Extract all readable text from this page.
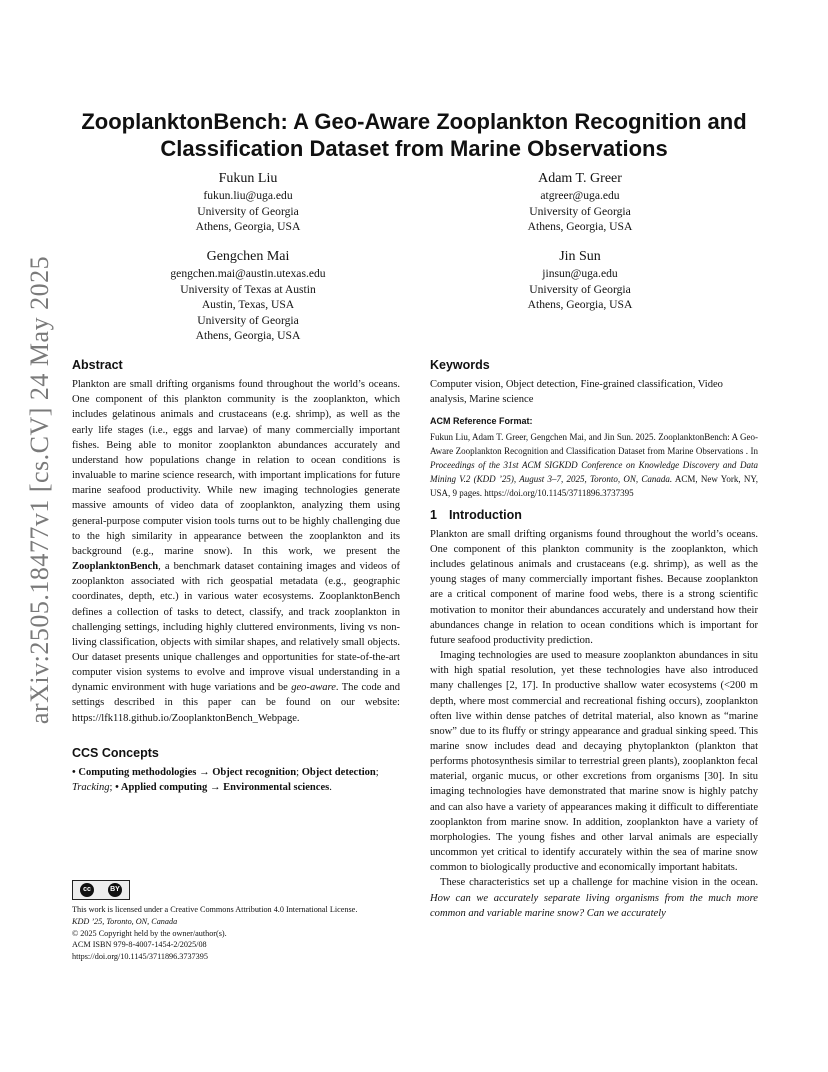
arXiv:2505.18477v1 [cs.CV] 24 May 2025
ZooplanktonBench: A Geo-Aware Zooplankton Recognition and
Classification Dataset from Marine Observations
Fukun Liu
fukun.liu@uga.edu
University of Georgia
Athens, Georgia, USA
Adam T. Greer
atgreer@uga.edu
University of Georgia
Athens, Georgia, USA
Gengchen Mai
gengchen.mai@austin.utexas.edu
University of Texas at Austin
Austin, Texas, USA
University of Georgia
Athens, Georgia, USA
Jin Sun
jinsun@uga.edu
University of Georgia
Athens, Georgia, USA
Abstract

Plankton are small drifting organisms found throughout the world’s oceans. One component of this plankton community is the zooplankton, which includes gelatinous animals and crustaceans (e.g. shrimp), as well as the early life stages (i.e., eggs and larvae) of many commercially important fishes. Being able to monitor zooplankton abundances accurately and understand how populations change in relation to ocean conditions is invaluable to marine science research, with important implications for future marine seafood productivity. While new imaging technologies generate massive amounts of video data of zooplankton, analyzing them using general-purpose computer vision tools turns out to be highly challenging due to the high similarity in appearance between the zooplankton and its background (e.g., marine snow). In this work, we present the ZooplanktonBench, a benchmark dataset containing images and videos of zooplankton associated with rich geospatial metadata (e.g., geographic coordinates, depth, etc.) in various water ecosystems. ZooplanktonBench defines a collection of tasks to detect, classify, and track zooplankton in challenging settings, including highly cluttered environments, living vs non-living classification, objects with similar shapes, and relatively small objects. Our dataset presents unique challenges and opportunities for state-of-the-art computer vision systems to evolve and improve visual understanding in a dynamic environment with huge variations and be geo-aware. The code and settings described in this paper can be found on our website: https://lfk118.github.io/ZooplanktonBench_Webpage.

CCS Concepts

• Computing methodologies → Object recognition; Object detection; Tracking; • Applied computing → Environmental sciences.

cc	BY
This work is licensed under a Creative Commons Attribution 4.0 International License.
KDD ’25, Toronto, ON, Canada
© 2025 Copyright held by the owner/author(s).
ACM ISBN 979-8-4007-1454-2/2025/08
https://doi.org/10.1145/3711896.3737395
Keywords

Computer vision, Object detection, Fine-grained classification, Video analysis, Marine science

ACM Reference Format:

Fukun Liu, Adam T. Greer, Gengchen Mai, and Jin Sun. 2025. ZooplanktonBench: A Geo-Aware Zooplankton Recognition and Classification Dataset from Marine Observations . In Proceedings of the 31st ACM SIGKDD Conference on Knowledge Discovery and Data Mining V.2 (KDD ’25), August 3–7, 2025, Toronto, ON, Canada. ACM, New York, NY, USA, 9 pages. https://doi.org/10.1145/3711896.3737395

1 Introduction

Plankton are small drifting organisms found throughout the world’s oceans. One component of this plankton community is the zooplankton, which includes gelatinous animals and crustaceans (e.g. shrimp), as well as the young stages of many commercially important fishes. Because zooplankton are a critical component of marine food webs, there is a strong scientific motivation to monitor their abundances accurately and understand how their abundances change in relation to ocean conditions which is important for future seafood productivity prediction.

Imaging technologies are used to measure zooplankton abundances in situ with high spatial resolution, yet these technologies have also introduced many challenges [2, 17]. In productive shallow water ecosystems (<200 m depth, where most commercial and recreational fishing occurs), zooplankton often live within dense patches of detrital material, also known as “marine snow” due to its fluffy or stringy appearance and gradual sinking speed. This marine snow includes dead and decaying phytoplankton (plankton that performs photosynthesis similar to terrestrial green plants), zooplankton fecal material, organic mucus, or other excretions from organisms [30]. In situ imaging technologies have demonstrated that marine snow is highly patchy and can also have a variety of appearances making it difficult to differentiate zooplankton from marine snow. In addition, zooplankton have a variety of morphologies. The young fishes and other larval animals are especially uncommon yet critical to identify accurately within the sea of marine snow common to biologically productive and economically important habitats.

These characteristics set up a challenge for machine vision in the ocean. How can we accurately separate living organisms from the much more common and variable marine snow? Can we accurately
